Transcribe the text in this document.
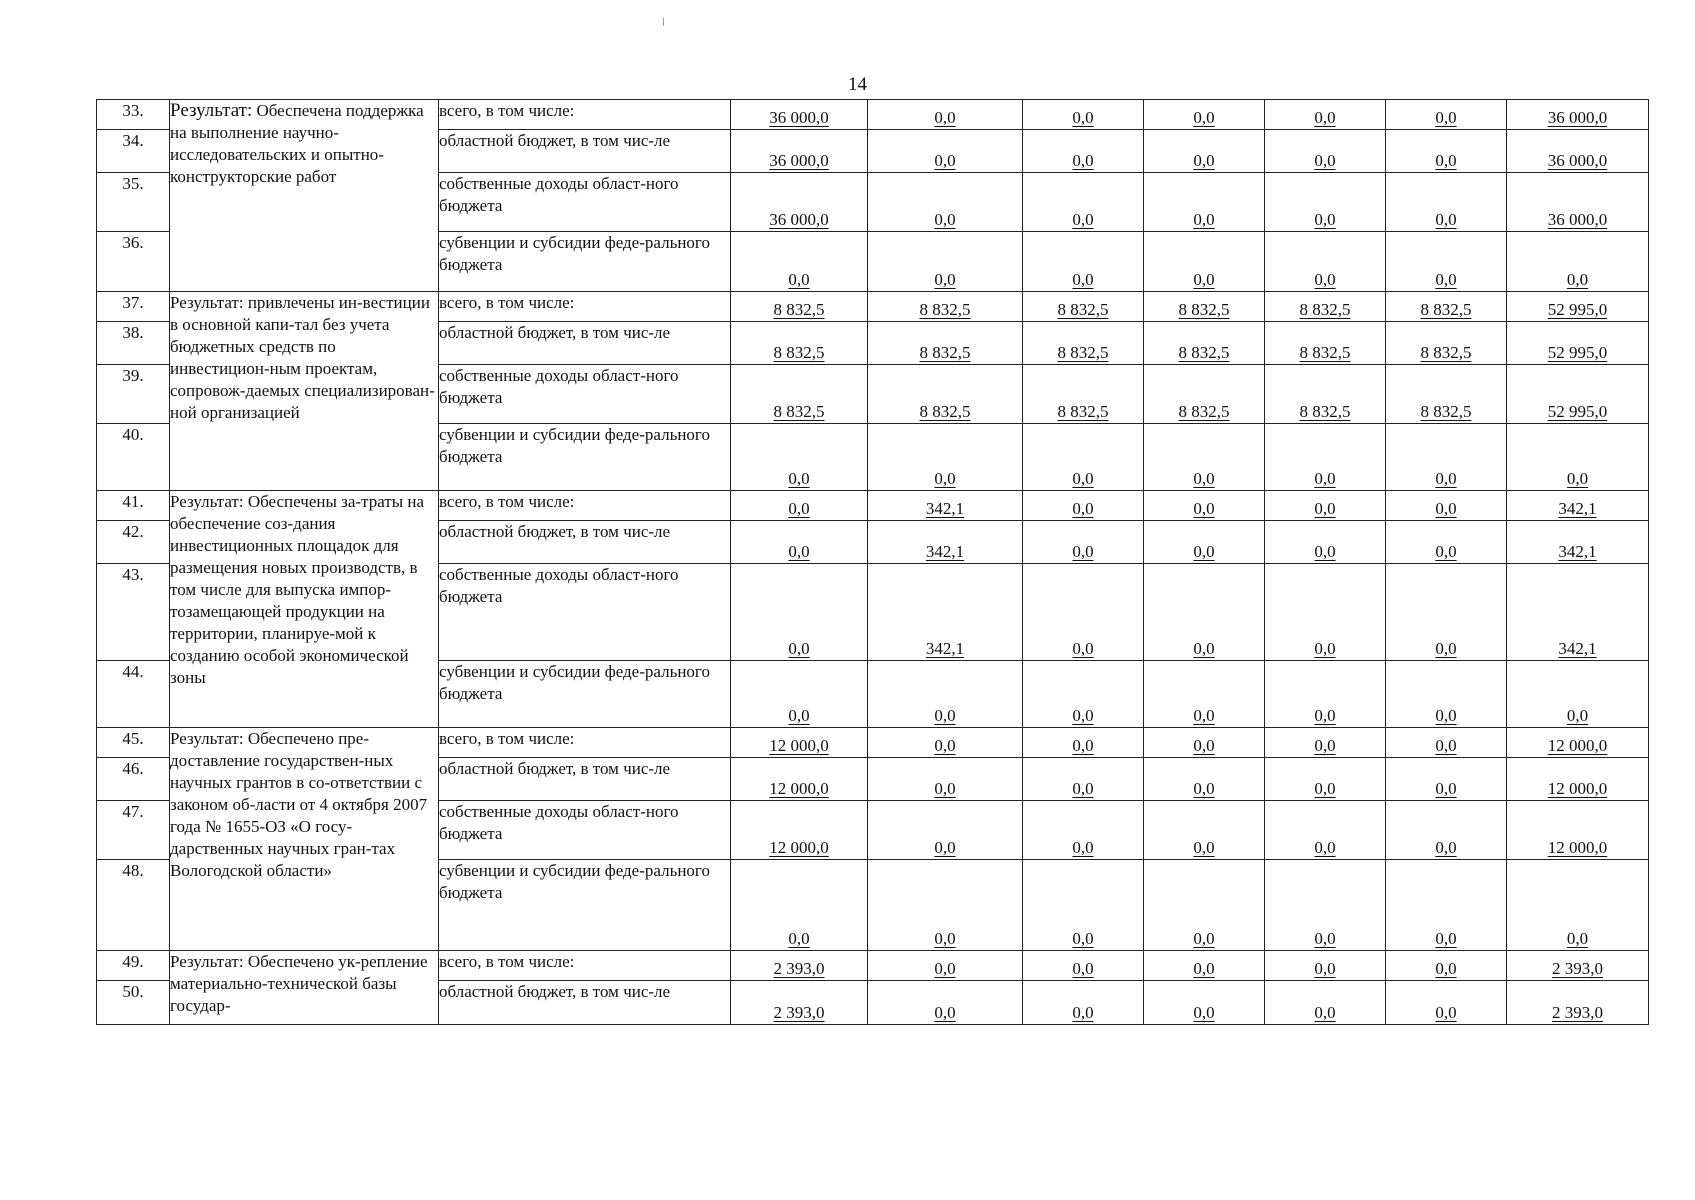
14
33.	Результат: Обеспечена поддержка на выполнение научно-исследовательских и опытно-конструкторские работ	всего, в том числе:	36 000,0	0,0	0,0	0,0	0,0	0,0	36 000,0
34.		областной бюджет, в том чис-ле	36 000,0	0,0	0,0	0,0	0,0	0,0	36 000,0
35.		собственные доходы област-ного бюджета	36 000,0	0,0	0,0	0,0	0,0	0,0	36 000,0
36.		субвенции и субсидии феде-рального бюджета	0,0	0,0	0,0	0,0	0,0	0,0	0,0
37.	Результат: привлечены ин-вестиции в основной капи-тал без учета бюджетных средств по инвестицион-ным проектам, сопровож-даемых специализирован-ной организацией	всего, в том числе:	8 832,5	8 832,5	8 832,5	8 832,5	8 832,5	8 832,5	52 995,0
38.		областной бюджет, в том чис-ле	8 832,5	8 832,5	8 832,5	8 832,5	8 832,5	8 832,5	52 995,0
39.		собственные доходы област-ного бюджета	8 832,5	8 832,5	8 832,5	8 832,5	8 832,5	8 832,5	52 995,0
40.		субвенции и субсидии феде-рального бюджета	0,0	0,0	0,0	0,0	0,0	0,0	0,0
41.	Результат: Обеспечены за-траты на обеспечение соз-дания инвестиционных площадок для размещения новых производств, в том числе для выпуска импор-тозамещающей продукции на территории, планируе-мой к созданию особой экономической зоны	всего, в том числе:	0,0	342,1	0,0	0,0	0,0	0,0	342,1
42.		областной бюджет, в том чис-ле	0,0	342,1	0,0	0,0	0,0	0,0	342,1
43.		собственные доходы област-ного бюджета	0,0	342,1	0,0	0,0	0,0	0,0	342,1
44.		субвенции и субсидии феде-рального бюджета	0,0	0,0	0,0	0,0	0,0	0,0	0,0
45.	Результат: Обеспечено пре-доставление государствен-ных научных грантов в со-ответствии с законом об-ласти от 4 октября 2007 года № 1655-ОЗ «О госу-дарственных научных гран-тах Вологодской области»	всего, в том числе:	12 000,0	0,0	0,0	0,0	0,0	0,0	12 000,0
46.		областной бюджет, в том чис-ле	12 000,0	0,0	0,0	0,0	0,0	0,0	12 000,0
47.		собственные доходы област-ного бюджета	12 000,0	0,0	0,0	0,0	0,0	0,0	12 000,0
48.		субвенции и субсидии феде-рального бюджета	0,0	0,0	0,0	0,0	0,0	0,0	0,0
49.	Результат: Обеспечено ук-репление материально-технической базы государ-	всего, в том числе:	2 393,0	0,0	0,0	0,0	0,0	0,0	2 393,0
50.		областной бюджет, в том чис-ле	2 393,0	0,0	0,0	0,0	0,0	0,0	2 393,0
